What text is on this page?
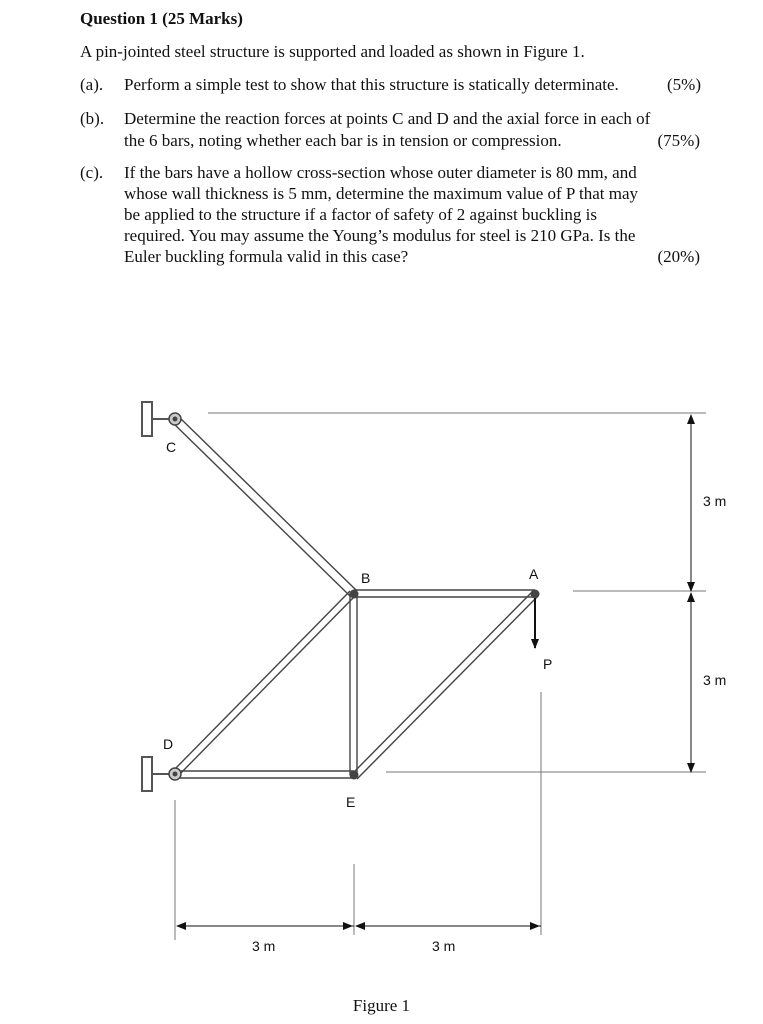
Question 1 (25 Marks)
A pin-jointed steel structure is supported and loaded as shown in Figure 1.
(a). Perform a simple test to show that this structure is statically determinate.	(5%)
(b). Determine the reaction forces at points C and D and the axial force in each of
the 6 bars, noting whether each bar is in tension or compression.	(75%)
(c). If the bars have a hollow cross-section whose outer diameter is 80 mm, and
whose wall thickness is 5 mm, determine the maximum value of P that may
be applied to the structure if a factor of safety of 2 against buckling is
required. You may assume the Young’s modulus for steel is 210 GPa. Is the
Euler buckling formula valid in this case?	(20%)
C
B	A
P
D
E
3 m
3 m
3 m	3 m
Figure 1
